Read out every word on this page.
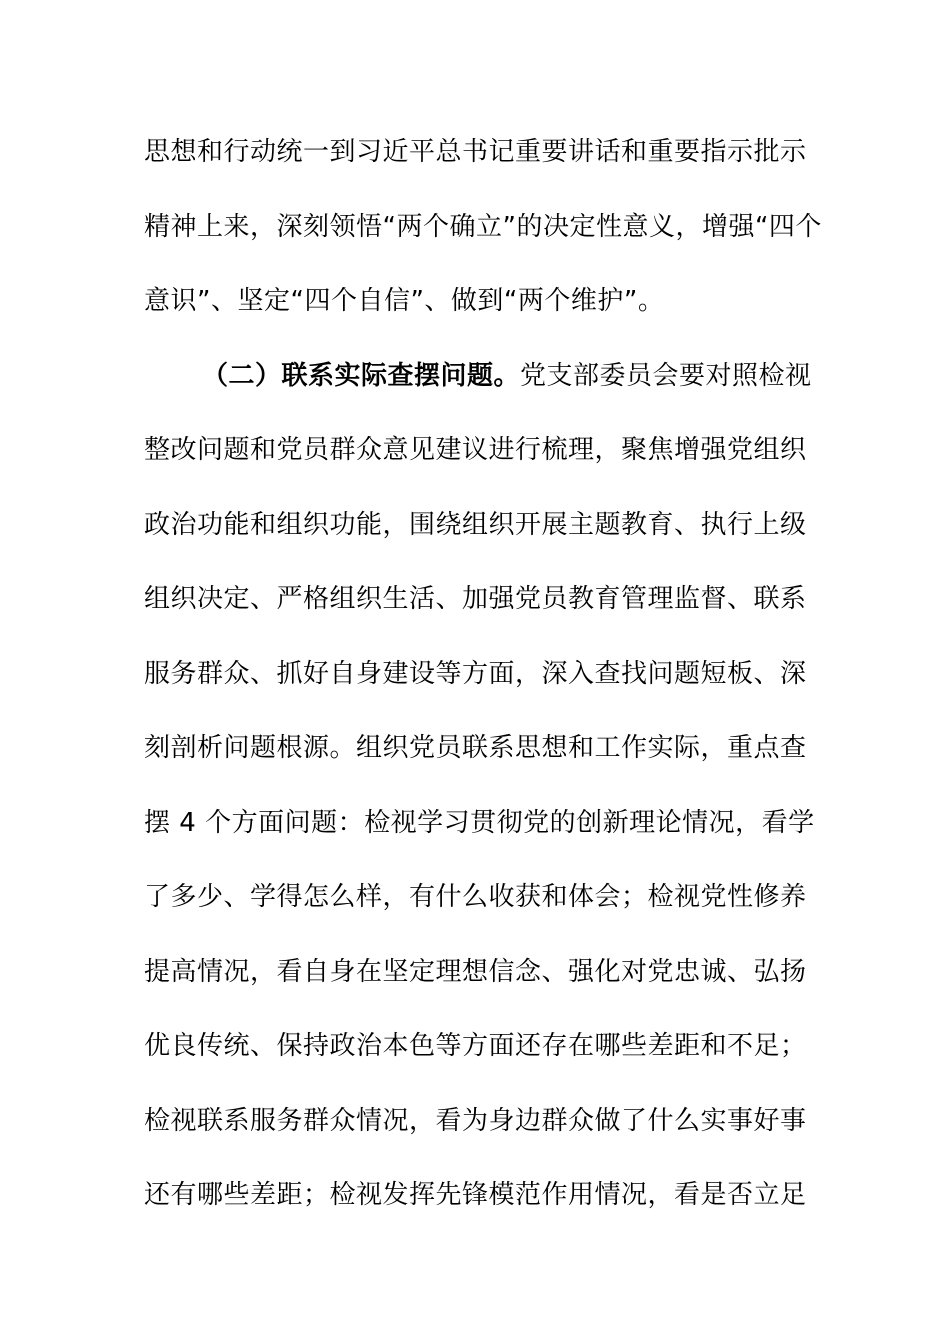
思想和行动统一到习近平总书记重要讲话和重要指示批示
精神上来，深刻领悟“两个确立”的决定性意义，增强“四个
意识”、坚定“四个自信”、做到“两个维护”。
（二）联系实际查摆问题。党支部委员会要对照检视
整改问题和党员群众意见建议进行梳理，聚焦增强党组织
政治功能和组织功能，围绕组织开展主题教育、执行上级
组织决定、严格组织生活、加强党员教育管理监督、联系
服务群众、抓好自身建设等方面，深入查找问题短板、深
刻剖析问题根源。组织党员联系思想和工作实际，重点查
摆 4 个方面问题：检视学习贯彻党的创新理论情况，看学
了多少、学得怎么样，有什么收获和体会；检视党性修养
提高情况，看自身在坚定理想信念、强化对党忠诚、弘扬
优良传统、保持政治本色等方面还存在哪些差距和不足；
检视联系服务群众情况，看为身边群众做了什么实事好事
还有哪些差距；检视发挥先锋模范作用情况，看是否立足
